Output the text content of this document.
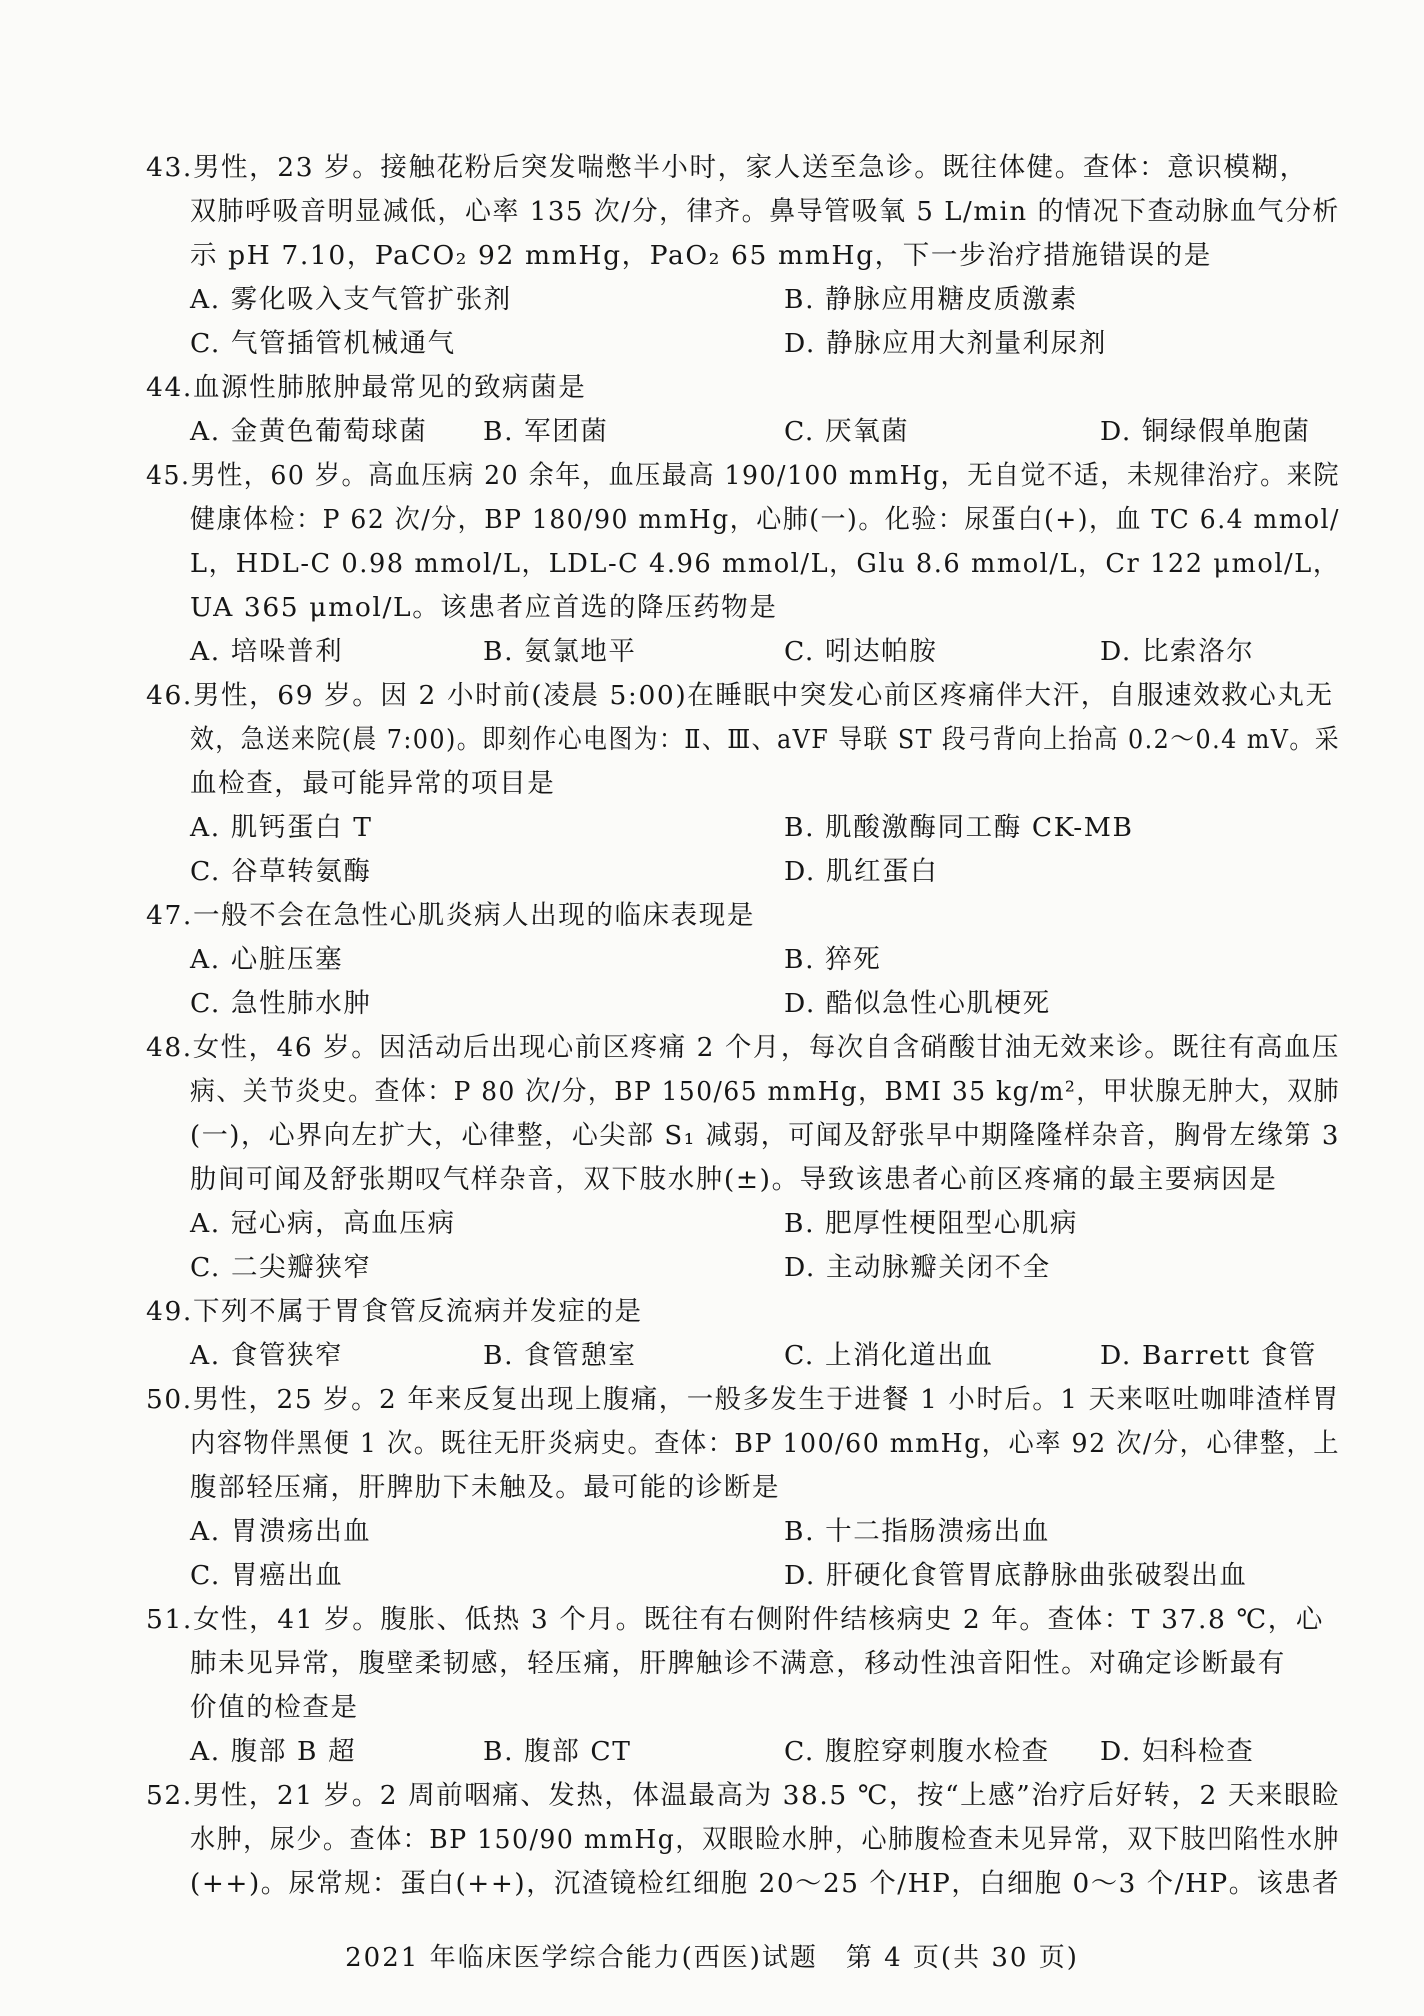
43.男性，23 岁。接触花粉后突发喘憋半小时，家人送至急诊。既往体健。查体：意识模糊，
双肺呼吸音明显减低，心率 135 次/分，律齐。鼻导管吸氧 5 L/min 的情况下查动脉血气分析
示 pH 7.10，PaCO₂ 92 mmHg，PaO₂ 65 mmHg，下一步治疗措施错误的是
A. 雾化吸入支气管扩张剂	B. 静脉应用糖皮质激素
C. 气管插管机械通气	D. 静脉应用大剂量利尿剂
44.血源性肺脓肿最常见的致病菌是
A. 金黄色葡萄球菌 B. 军团菌	C. 厌氧菌	D. 铜绿假单胞菌
45.男性，60 岁。高血压病 20 余年，血压最高 190/100 mmHg，无自觉不适，未规律治疗。来院
健康体检：P 62 次/分，BP 180/90 mmHg，心肺(一)。化验：尿蛋白(+)，血 TC 6.4 mmol/
L，HDL-C 0.98 mmol/L，LDL-C 4.96 mmol/L，Glu 8.6 mmol/L，Cr 122 μmol/L，
UA 365 μmol/L。该患者应首选的降压药物是
A. 培哚普利	B. 氨氯地平	C. 吲达帕胺	D. 比索洛尔
46.男性，69 岁。因 2 小时前(凌晨 5:00)在睡眠中突发心前区疼痛伴大汗，自服速效救心丸无
效，急送来院(晨 7:00)。即刻作心电图为：Ⅱ、Ⅲ、aVF 导联 ST 段弓背向上抬高 0.2～0.4 mV。采
血检查，最可能异常的项目是
A. 肌钙蛋白 T	B. 肌酸激酶同工酶 CK-MB
C. 谷草转氨酶	D. 肌红蛋白
47.一般不会在急性心肌炎病人出现的临床表现是
A. 心脏压塞	B. 猝死
C. 急性肺水肿	D. 酷似急性心肌梗死
48.女性，46 岁。因活动后出现心前区疼痛 2 个月，每次自含硝酸甘油无效来诊。既往有高血压
病、关节炎史。查体：P 80 次/分，BP 150/65 mmHg，BMI 35 kg/m²，甲状腺无肿大，双肺
(一)，心界向左扩大，心律整，心尖部 S₁ 减弱，可闻及舒张早中期隆隆样杂音，胸骨左缘第 3
肋间可闻及舒张期叹气样杂音，双下肢水肿(±)。导致该患者心前区疼痛的最主要病因是
A. 冠心病，高血压病	B. 肥厚性梗阻型心肌病
C. 二尖瓣狭窄	D. 主动脉瓣关闭不全
49.下列不属于胃食管反流病并发症的是
A. 食管狭窄	B. 食管憩室	C. 上消化道出血	D. Barrett 食管
50.男性，25 岁。2 年来反复出现上腹痛，一般多发生于进餐 1 小时后。1 天来呕吐咖啡渣样胃
内容物伴黑便 1 次。既往无肝炎病史。查体：BP 100/60 mmHg，心率 92 次/分，心律整，上
腹部轻压痛，肝脾肋下未触及。最可能的诊断是
A. 胃溃疡出血	B. 十二指肠溃疡出血
C. 胃癌出血	D. 肝硬化食管胃底静脉曲张破裂出血
51.女性，41 岁。腹胀、低热 3 个月。既往有右侧附件结核病史 2 年。查体：T 37.8 ℃，心
肺未见异常，腹壁柔韧感，轻压痛，肝脾触诊不满意，移动性浊音阳性。对确定诊断最有
价值的检查是
A. 腹部 B 超	B. 腹部 CT	C. 腹腔穿刺腹水检查 D. 妇科检查
52.男性，21 岁。2 周前咽痛、发热，体温最高为 38.5 ℃，按“上感”治疗后好转，2 天来眼睑
水肿，尿少。查体：BP 150/90 mmHg，双眼睑水肿，心肺腹检查未见异常，双下肢凹陷性水肿
(++)。尿常规：蛋白(++)，沉渣镜检红细胞 20～25 个/HP，白细胞 0～3 个/HP。该患者
2021 年临床医学综合能力(西医)试题　第 4 页(共 30 页)
